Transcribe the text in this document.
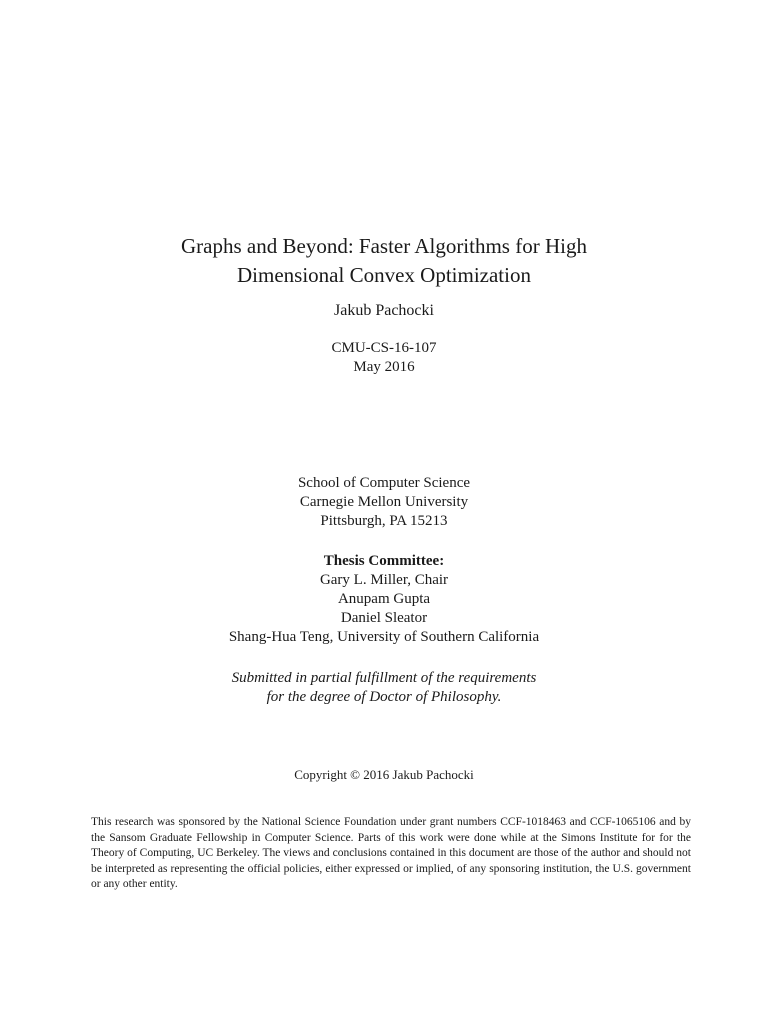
Graphs and Beyond: Faster Algorithms for High
Dimensional Convex Optimization
Jakub Pachocki
CMU-CS-16-107
May 2016
School of Computer Science
Carnegie Mellon University
Pittsburgh, PA 15213
Thesis Committee:
Gary L. Miller, Chair
Anupam Gupta
Daniel Sleator
Shang-Hua Teng, University of Southern California
Submitted in partial fulfillment of the requirements
for the degree of Doctor of Philosophy.
Copyright © 2016 Jakub Pachocki

This research was sponsored by the National Science Foundation under grant numbers CCF-1018463 and CCF-1065106 and by the Sansom Graduate Fellowship in Computer Science. Parts of this work were done while at the Simons Institute for for the Theory of Computing, UC Berkeley. The views and conclusions contained in this document are those of the author and should not be interpreted as representing the official policies, either expressed or implied, of any sponsoring institution, the U.S. government or any other entity.
